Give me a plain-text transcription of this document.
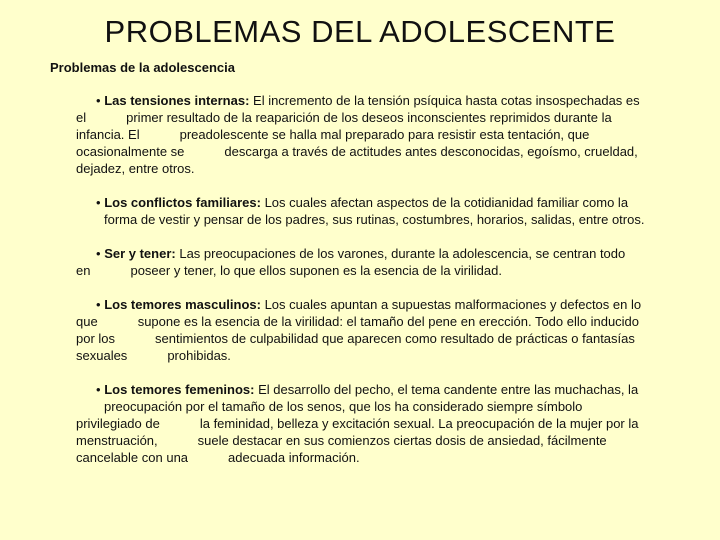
PROBLEMAS DEL ADOLESCENTE
Problemas de la adolescencia
• Las tensiones internas: El incremento de la tensión psíquica hasta cotas insospechadas es
el	primer resultado de la reaparición de los deseos inconscientes reprimidos durante la
infancia. El	preadolescente se halla mal preparado para resistir esta tentación, que
ocasionalmente se	descarga a través de actitudes antes desconocidas, egoísmo, crueldad,
dejadez, entre otros.
• Los conflictos familiares: Los cuales afectan aspectos de la cotidianidad familiar como la
forma de vestir y pensar de los padres, sus rutinas, costumbres, horarios, salidas, entre otros.
• Ser y tener: Las preocupaciones de los varones, durante la adolescencia, se centran todo
en	poseer y tener, lo que ellos suponen es la esencia de la virilidad.
• Los temores masculinos: Los cuales apuntan a supuestas malformaciones y defectos en lo
que	supone es la esencia de la virilidad: el tamaño del pene en erección. Todo ello inducido
por los	sentimientos de culpabilidad que aparecen como resultado de prácticas o fantasías
sexuales	prohibidas.
• Los temores femeninos: El desarrollo del pecho, el tema candente entre las muchachas, la
preocupación por el tamaño de los senos, que los ha considerado siempre símbolo
privilegiado de	la feminidad, belleza y excitación sexual. La preocupación de la mujer por la
menstruación,	suele destacar en sus comienzos ciertas dosis de ansiedad, fácilmente
cancelable con una	adecuada información.
